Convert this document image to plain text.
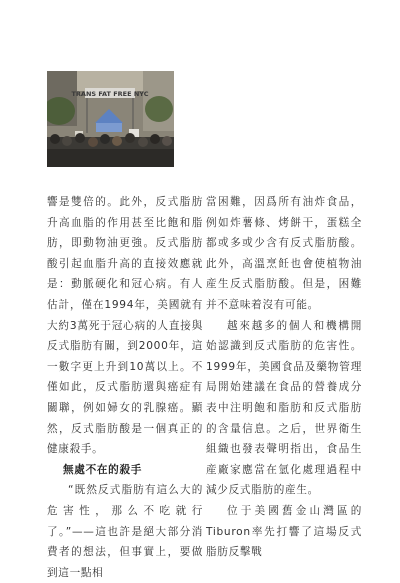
TRANS FAT FREE NYC

響是雙倍的。此外，反式脂肪升高血脂的作用甚至比飽和脂肪，即動物油更強。反式脂肪酸引起血脂升高的直接效應就是：動脈硬化和冠心病。有人估計，僅在1994年，美國就有大約3萬死于冠心病的人直接與反式脂肪有關，到2000年，這一數字更上升到10萬以上。不僅如此，反式脂肪還與癌症有關聯，例如婦女的乳腺癌。顯然，反式脂肪酸是一個真正的健康殺手。

無處不在的殺手

“既然反式脂肪有這么大的危害性，那么不吃就行了。”——這也許是絕大部分消費者的想法，但事實上，要做到這一點相

當困難，因爲所有油炸食品，例如炸薯條、烤餅干，蛋糕全都或多或少含有反式脂肪酸。此外，高溫烹飪也會使植物油産生反式脂肪酸。但是，困難并不意味着沒有可能。

越來越多的個人和機構開始認識到反式脂肪的危害性。1999年，美國食品及藥物管理局開始建議在食品的營養成分表中注明飽和脂肪和反式脂肪的含量信息。之后，世界衛生組織也發表聲明指出，食品生産廠家應當在氫化處理過程中減少反式脂肪的産生。

位于美國舊金山灣區的Tiburon率先打響了這場反式脂肪反擊戰
